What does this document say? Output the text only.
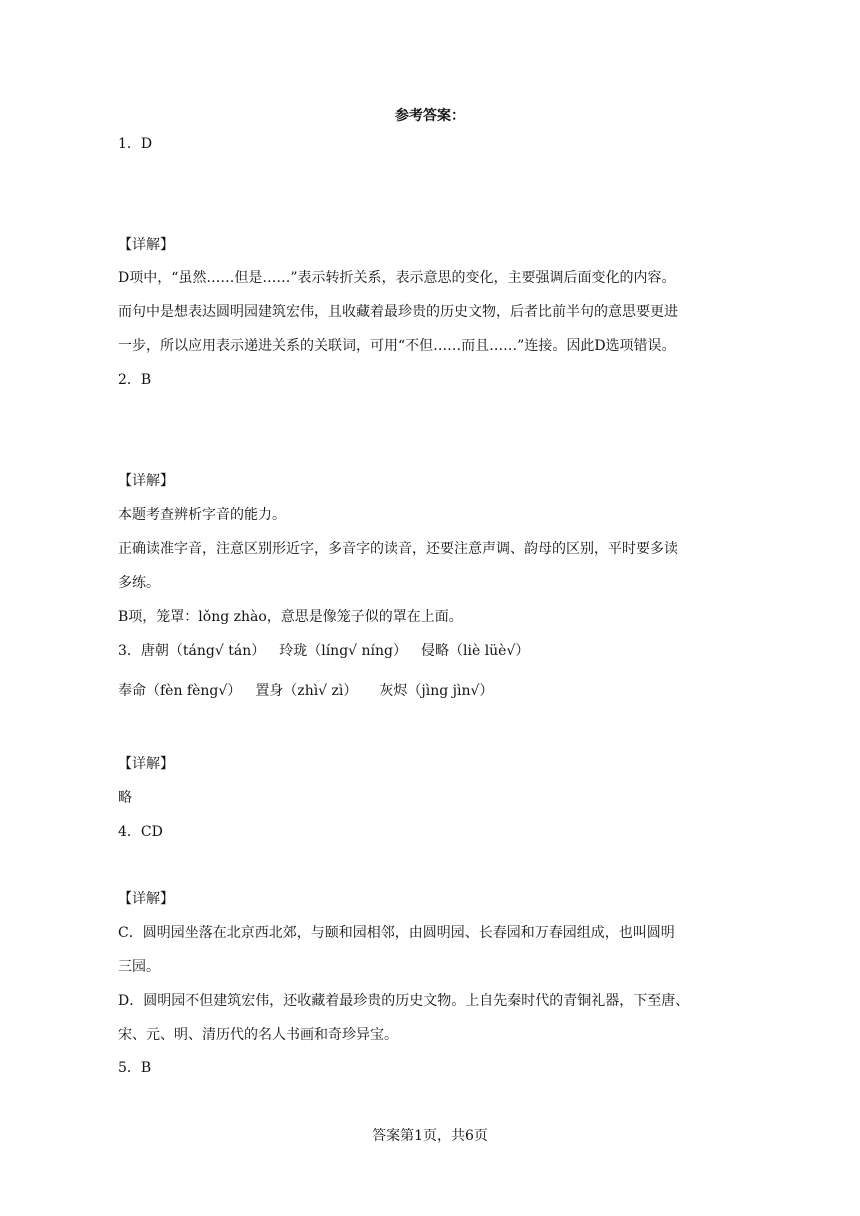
参考答案：
1．D
【详解】
D项中，“虽然……但是……”表示转折关系，表示意思的变化，主要强调后面变化的内容。
而句中是想表达圆明园建筑宏伟，且收藏着最珍贵的历史文物，后者比前半句的意思要更进
一步，所以应用表示递进关系的关联词，可用“不但……而且……”连接。因此D选项错误。
2．B
【详解】
本题考查辨析字音的能力。
正确读准字音，注意区别形近字，多音字的读音，还要注意声调、韵母的区别，平时要多读
多练。
B项，笼罩：lǒng zhào，意思是像笼子似的罩在上面。
3．唐朝（táng√ tán） 玲珑（líng√ níng） 侵略（liè lüè√）
奉命（fèn fèng√） 置身（zhì√ zì） 灰烬（jìng jìn√）
【详解】
略
4．CD
【详解】
C．圆明园坐落在北京西北郊，与颐和园相邻，由圆明园、长春园和万春园组成，也叫圆明
三园。
D．圆明园不但建筑宏伟，还收藏着最珍贵的历史文物。上自先秦时代的青铜礼器，下至唐、
宋、元、明、清历代的名人书画和奇珍异宝。
5．B
答案第1页，共6页
